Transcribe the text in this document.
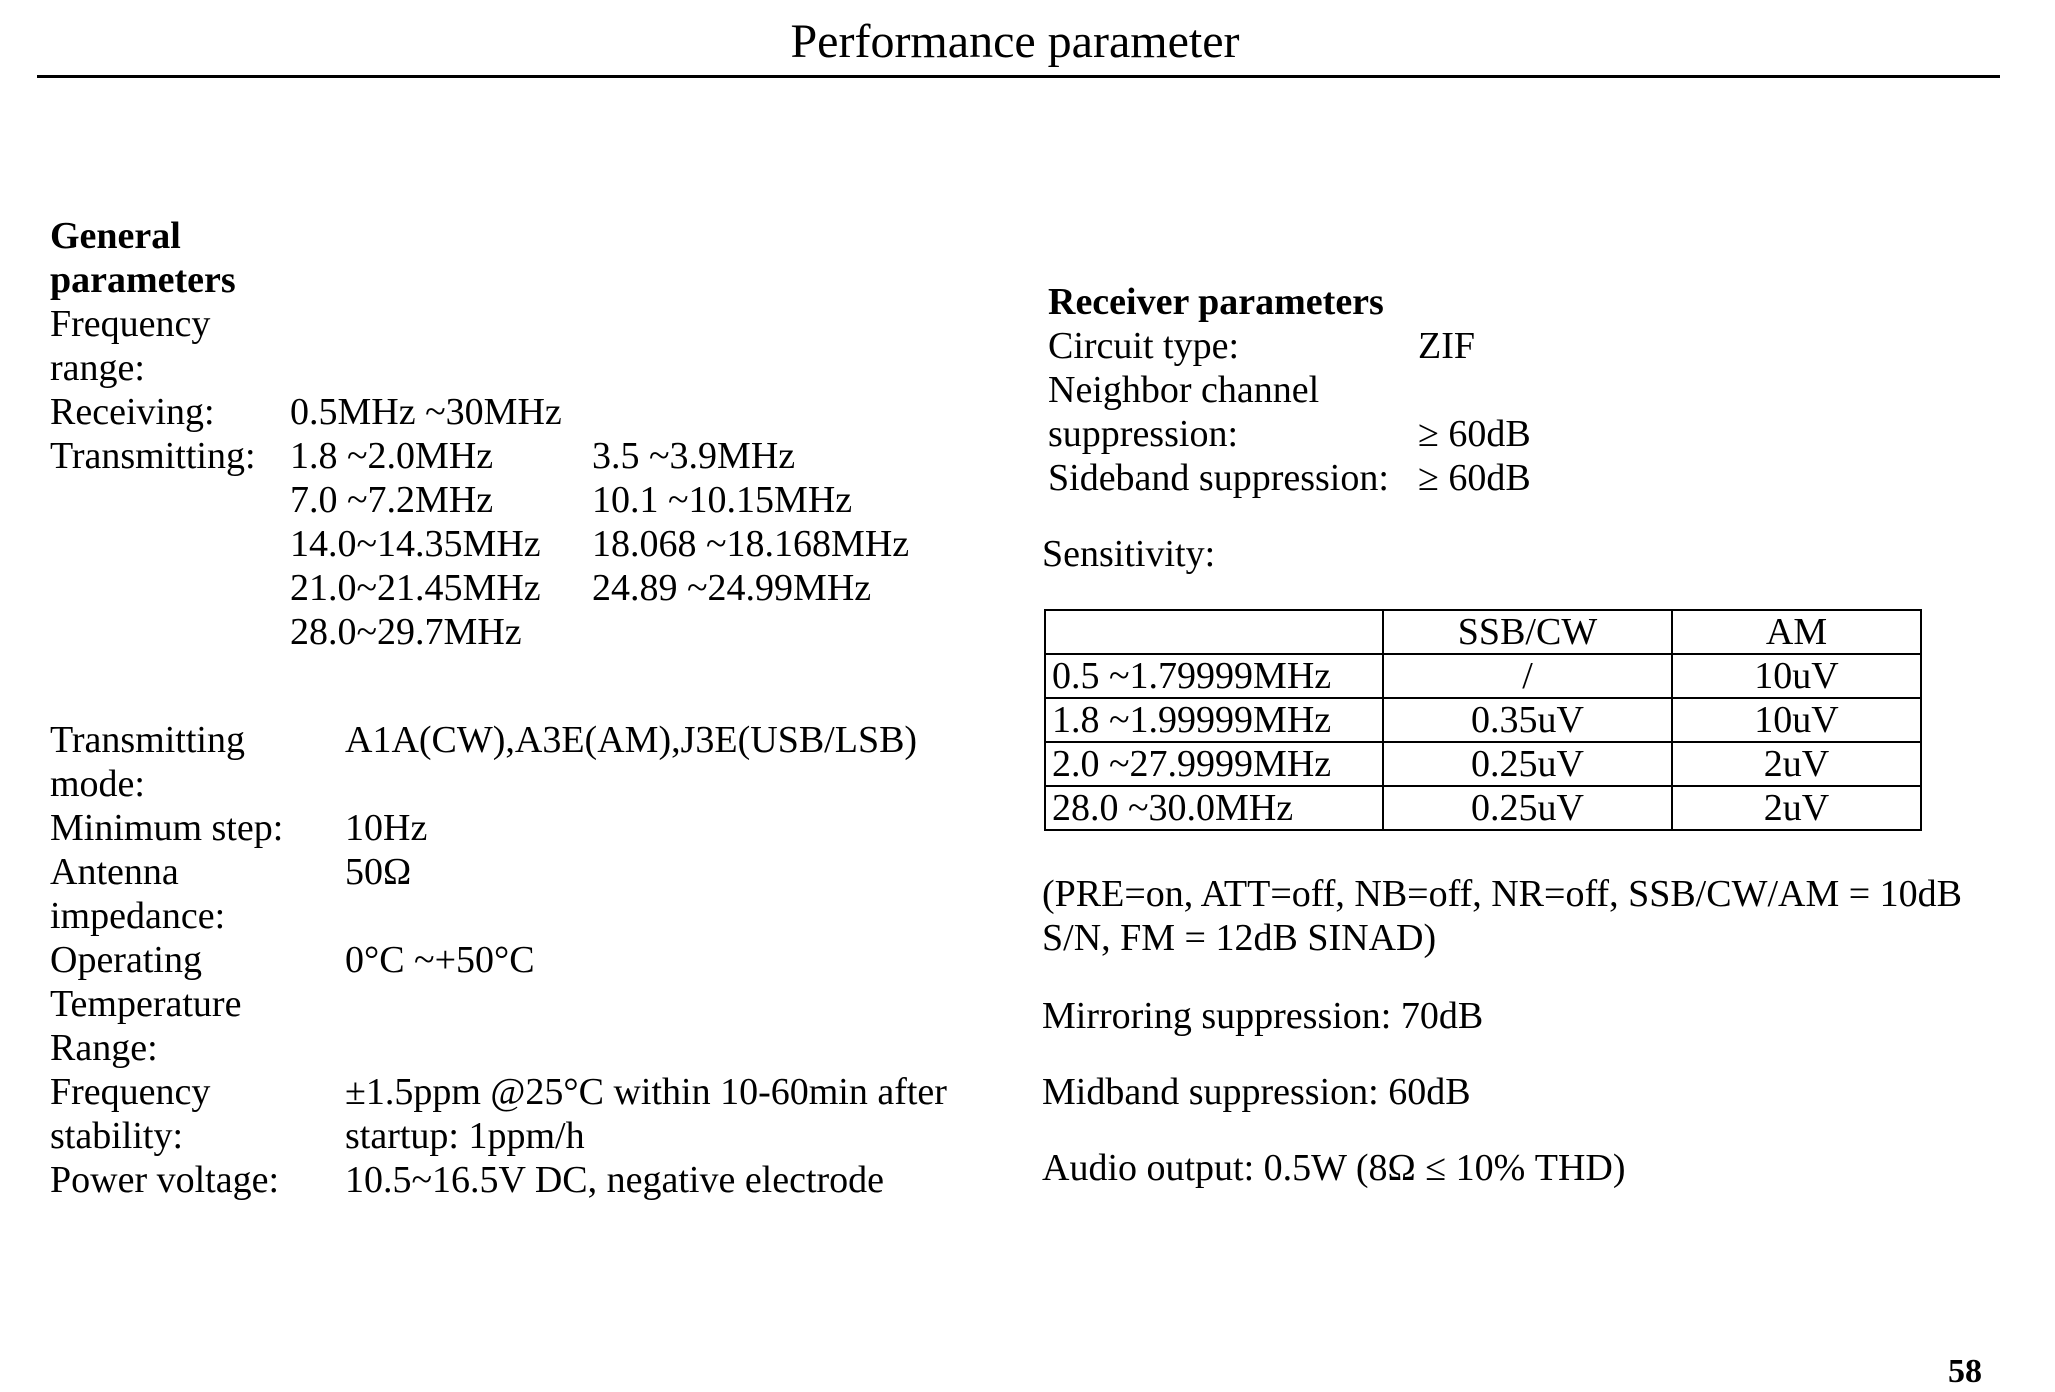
Performance parameter
General
parameters
Frequency
range:
Receiving: 0.5MHz ~30MHz
Transmitting: 1.8 ~2.0MHz	3.5 ~3.9MHz
7.0 ~7.2MHz	10.1 ~10.15MHz
14.0~14.35MHz 18.068 ~18.168MHz
21.0~21.45MHz 24.89 ~24.99MHz
28.0~29.7MHz
Transmitting
mode:
A1A(CW),A3E(AM),J3E(USB/LSB)
Minimum step: 10Hz
Antenna
impedance:
50Ω
Operating
Temperature
Range:
0°C ~+50°C
Frequency
stability:
±1.5ppm @25°C within 10-60min after
startup: 1ppm/h
Power voltage: 10.5~16.5V DC, negative electrode
Receiver parameters
Circuit type:	ZIF
Neighbor channel
suppression:	≥ 60dB
Sideband suppression: ≥ 60dB
Sensitivity:
	SSB/CW	AM
0.5 ~1.79999MHz	/	10uV
1.8 ~1.99999MHz	0.35uV	10uV
2.0 ~27.9999MHz	0.25uV	2uV
28.0 ~30.0MHz	0.25uV	2uV
(PRE=on, ATT=off, NB=off, NR=off, SSB/CW/AM = 10dB
S/N, FM = 12dB SINAD)
Mirroring suppression: 70dB
Midband suppression: 60dB
Audio output: 0.5W (8Ω ≤ 10% THD)
58
